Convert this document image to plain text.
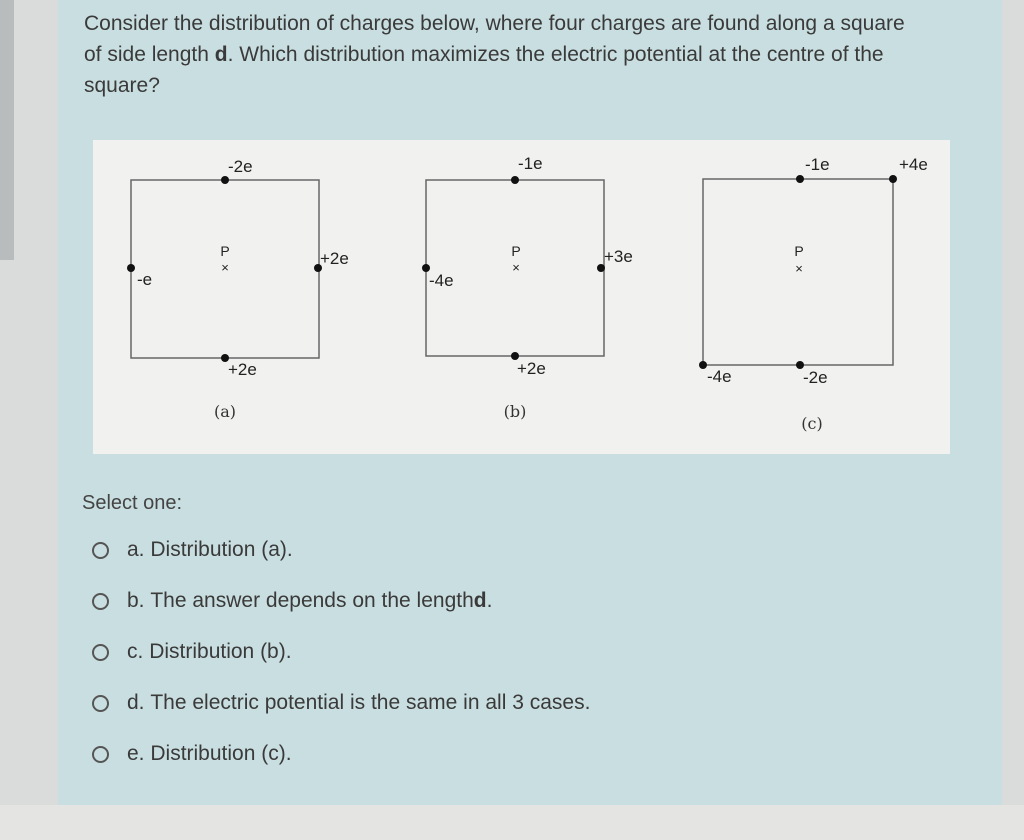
Consider the distribution of charges below, where four charges are found along a square of side length d. Which distribution maximizes the electric potential at the centre of the square?
-2e
+2e
-e
+2e
P
×
(a)
-1e
+3e
-4e
+2e
P
×
(b)
-1e	+4e
-4e	-2e
P
×
(c)
Select one:
a.
Distribution (a).
b.
The answer depends on the length d .
c.
Distribution (b).
d.
The electric potential is the same in all 3 cases.
e.
Distribution (c).
